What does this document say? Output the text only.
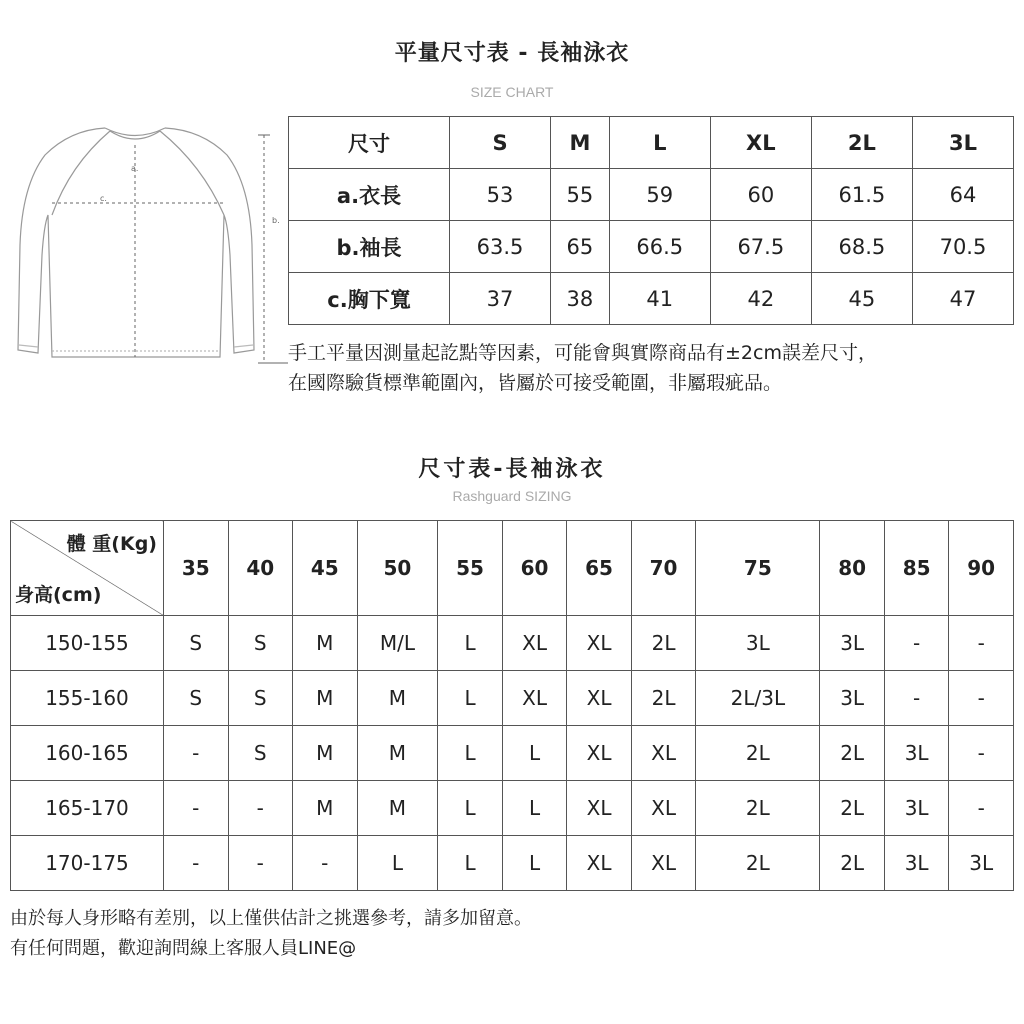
平量尺寸表 - 長袖泳衣
SIZE CHART
a.
c.
b.
尺寸	S	M	L	XL	2L	3L
a.衣長	53	55	59	60	61.5	64
b.袖長	63.5	65	66.5	67.5	68.5	70.5
c.胸下寬	37	38	41	42	45	47
手工平量因測量起訖點等因素，可能會與實際商品有±2cm誤差尺寸，
在國際驗貨標準範圍內，皆屬於可接受範圍，非屬瑕疵品。
尺寸表-長袖泳衣
Rashguard SIZING
體 重(Kg)
身高(cm)	35	40	45	50	55	60	65	70	75	80	85	90
150-155	S	S	M	M/L	L	XL	XL	2L	3L	3L	-	-
155-160	S	S	M	M	L	XL	XL	2L	2L/3L	3L	-	-
160-165	-	S	M	M	L	L	XL	XL	2L	2L	3L	-
165-170	-	-	M	M	L	L	XL	XL	2L	2L	3L	-
170-175	-	-	-	L	L	L	XL	XL	2L	2L	3L	3L
由於每人身形略有差別，以上僅供估計之挑選參考，請多加留意。
有任何問題，歡迎詢問線上客服人員LINE@
